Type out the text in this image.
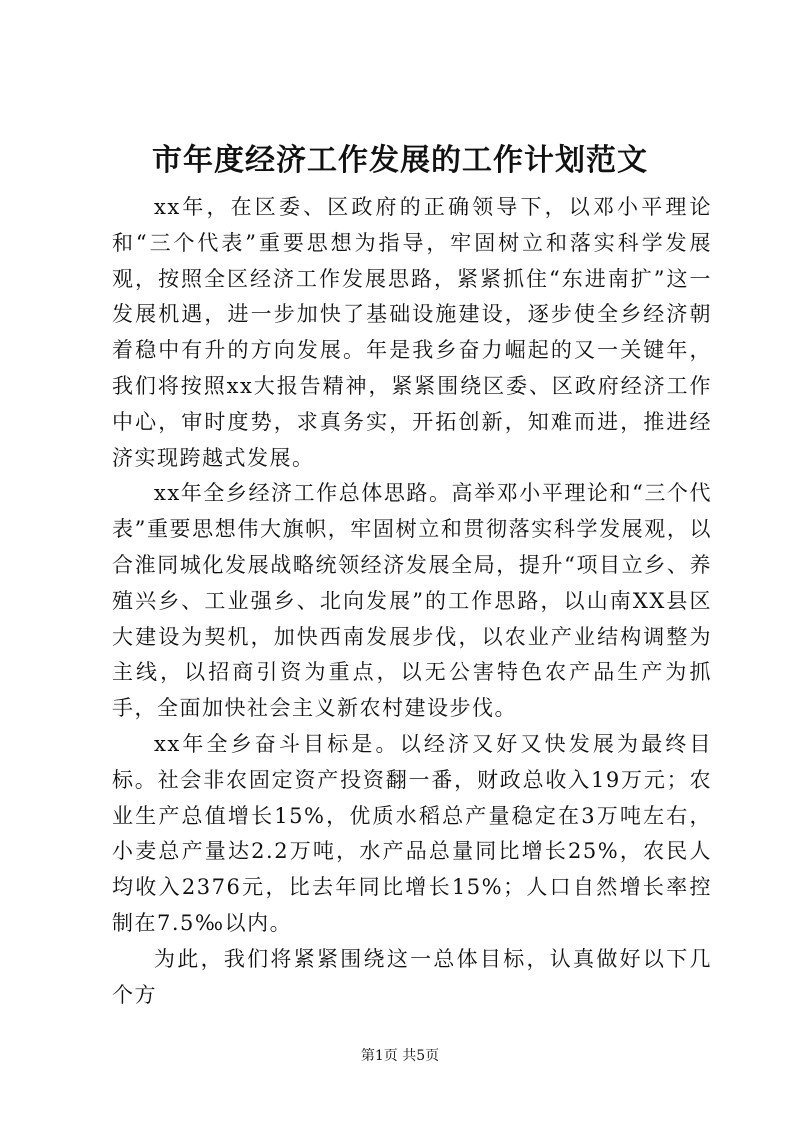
市年度经济工作发展的工作计划范文

xx年，在区委、区政府的正确领导下，以邓小平理论和“三个代表”重要思想为指导，牢固树立和落实科学发展观，按照全区经济工作发展思路，紧紧抓住“东进南扩”这一发展机遇，进一步加快了基础设施建设，逐步使全乡经济朝着稳中有升的方向发展。年是我乡奋力崛起的又一关键年，我们将按照xx大报告精神，紧紧围绕区委、区政府经济工作中心，审时度势，求真务实，开拓创新，知难而进，推进经济实现跨越式发展。

xx年全乡经济工作总体思路。高举邓小平理论和“三个代表”重要思想伟大旗帜，牢固树立和贯彻落实科学发展观，以合淮同城化发展战略统领经济发展全局，提升“项目立乡、养殖兴乡、工业强乡、北向发展”的工作思路，以山南XX县区大建设为契机，加快西南发展步伐，以农业产业结构调整为主线，以招商引资为重点，以无公害特色农产品生产为抓手，全面加快社会主义新农村建设步伐。

xx年全乡奋斗目标是。以经济又好又快发展为最终目标。社会非农固定资产投资翻一番，财政总收入19万元；农业生产总值增长15%，优质水稻总产量稳定在3万吨左右，小麦总产量达2.2万吨，水产品总量同比增长25%，农民人均收入2376元，比去年同比增长15%；人口自然增长率控制在7.5‰以内。

为此，我们将紧紧围绕这一总体目标，认真做好以下几个方

第1页 共5页
